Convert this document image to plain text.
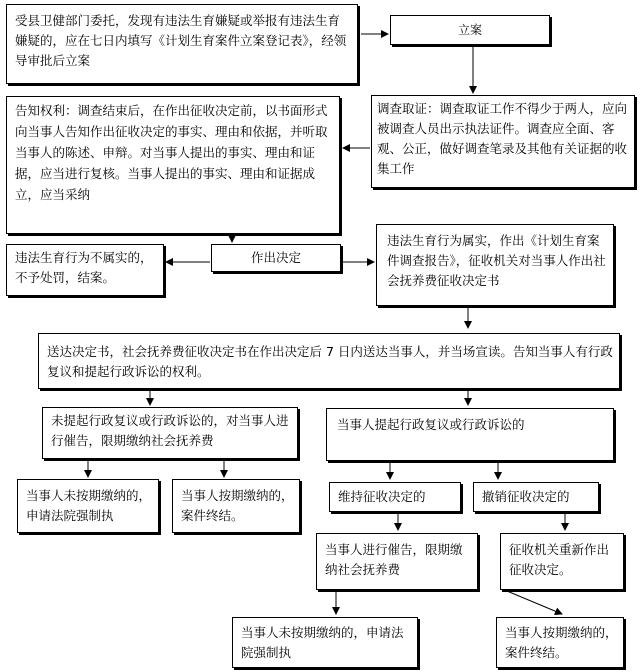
受县卫健部门委托，发现有违法生育嫌疑或举报有违法生育嫌疑的，应在七日内填写《计划生育案件立案登记表》，经领导审批后立案
立案
调查取证：调查取证工作不得少于两人，应向被调查人员出示执法证件。调查应全面、客观、公正，做好调查笔录及其他有关证据的收集工作
告知权利：调查结束后，在作出征收决定前，以书面形式向当事人告知作出征收决定的事实、理由和依据，并听取当事人的陈述、申辩。对当事人提出的事实、理由和证据，应当进行复核。当事人提出的事实、理由和证据成立，应当采纳
作出决定
违法生育行为不属实的，不予处罚，结案。
违法生育行为属实，作出《计划生育案件调查报告》，征收机关对当事人作出社会抚养费征收决定书
送达决定书，社会抚养费征收决定书在作出决定后 7 日内送达当事人，并当场宣读。告知当事人有行政复议和提起行政诉讼的权利。
未提起行政复议或行政诉讼的，对当事人进行催告，限期缴纳社会抚养费
当事人提起行政复议或行政诉讼的
当事人未按期缴纳的，申请法院强制执
当事人按期缴纳的，案件终结。
维持征收决定的	撤销征收决定的
当事人进行催告，限期缴纳社会抚养费
征收机关重新作出征收决定。
当事人未按期缴纳的，申请法院强制执
当事人按期缴纳的，案件终结。
